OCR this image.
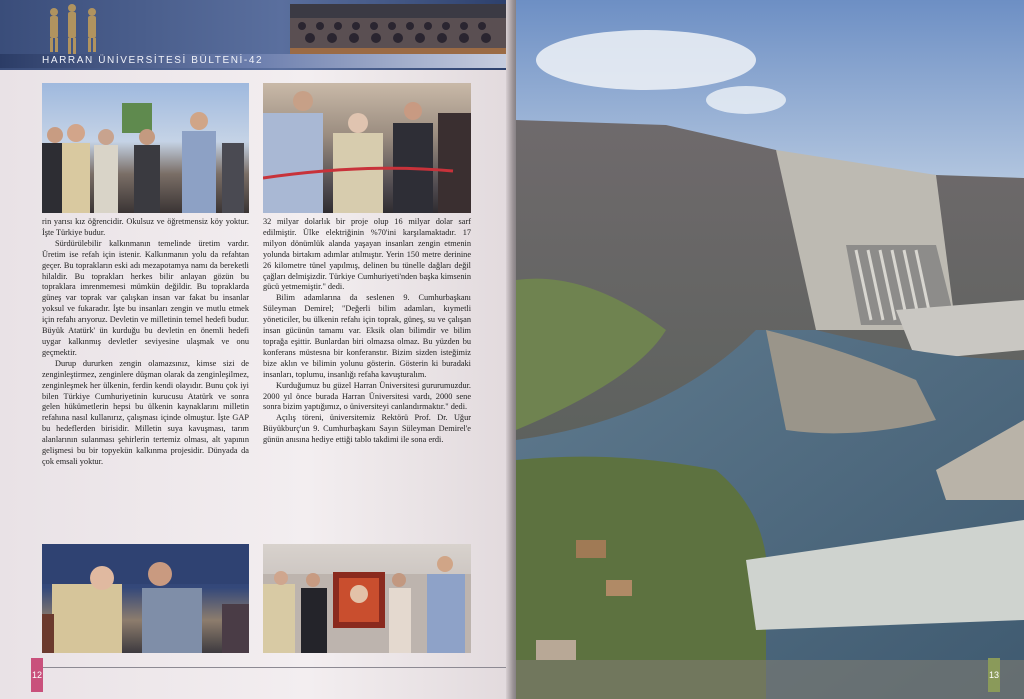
HARRAN ÜNİVERSİTESİ BÜLTENİ-42

rin yarısı kız öğrencidir. Okulsuz ve öğretmensiz köy yoktur. İşte Türkiye budur.

Sürdürülebilir kalkınmanın temelinde üretim vardır. Üretim ise refah için istenir. Kalkınmanın yolu da refahtan geçer. Bu toprakların eski adı mezapotamya namı da bereketli hilaldir. Bu toprakları herkes bilir anlayan gözün bu topraklara imrenmemesi mümkün değildir. Bu topraklarda güneş var toprak var çalışkan insan var fakat bu insanlar yoksul ve fukaradır. İşte bu insanları zengin ve mutlu etmek için refahı arıyoruz. Devletin ve milletinin temel hedefi budur. Büyük Atatürk' ün kurduğu bu devletin en önemli hedefi uygar kalkınmış devletler seviyesine ulaşmak ve onu geçmektir.

Durup dururken zengin olamazsınız, kimse sizi de zenginleştirmez, zenginlere düşman olarak da zenginleşilmez, zenginleşmek her ülkenin, ferdin kendi olayıdır. Bunu çok iyi bilen Türkiye Cumhuriyetinin kurucusu Atatürk ve sonra gelen hükümetlerin hepsi bu ülkenin kaynaklarını milletin refahına nasıl kullanırız, çalışması içinde olmuştur. İşte GAP bu hedeflerden birisidir. Milletin suya kavuşması, tarım alanlarının sulanması şehirlerin tertemiz olması, alt yapının gelişmesi bu bir topyekün kalkınma projesidir. Dünyada da çok emsali yoktur.

32 milyar dolarlık bir proje olup 16 milyar dolar sarf edilmiştir. Ülke elektriğinin %70'ini karşılamaktadır. 17 milyon dönümlük alanda yaşayan insanları zengin etmenin yolunda birtakım adımlar atılmıştır. Yerin 150 metre derinine 26 kilometre tünel yapılmış, delinen bu tünelle dağları değil çağları delmişizdir. Türkiye Cumhuriyeti'nden başka kimsenin gücü yetmemiştir." dedi.

Bilim adamlarına da seslenen 9. Cumhurbaşkanı Süleyman Demirel; "Değerli bilim adamları, kıymetli yöneticiler, bu ülkenin refahı için toprak, güneş, su ve çalışan insan gücünün tamamı var. Eksik olan bilimdir ve bilim toprağa eşittir. Bunlardan biri olmazsa olmaz. Bu yüzden bu konferans müstesna bir konferanstır. Bizim sizden isteğimiz bize aklın ve bilimin yolunu gösterin. Gösterin ki buradaki insanları, toplumu, insanlığı refaha kavuşturalım.

Kurduğumuz bu güzel Harran Üniversitesi gururumuzdur. 2000 yıl önce burada Harran Üniversitesi vardı, 2000 sene sonra bizim yaptığımız, o üniversiteyi canlandırmaktır." dedi.

Açılış töreni, üniversitemiz Rektörü Prof. Dr. Uğur Büyükburç'un 9. Cumhurbaşkanı Sayın Süleyman Demirel'e günün anısına hediye ettiği tablo takdimi ile sona erdi.

12	13
